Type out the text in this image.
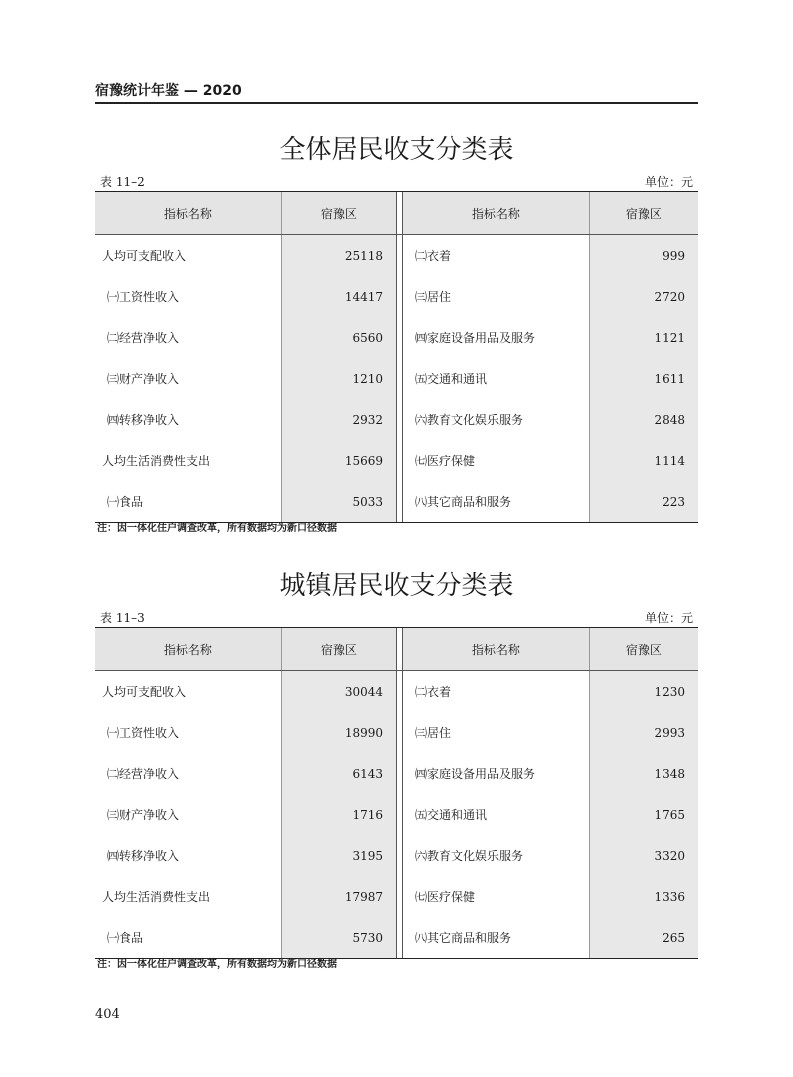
宿豫统计年鉴 — 2020
全体居民收支分类表
表 11–2	单位：元
指标名称	宿豫区	指标名称	宿豫区
人均可支配收入	25118	㈡衣着	999
㈠工资性收入	14417	㈢居住	2720
㈡经营净收入	6560	㈣家庭设备用品及服务	1121
㈢财产净收入	1210	㈤交通和通讯	1611
㈣转移净收入	2932	㈥教育文化娱乐服务	2848
人均生活消费性支出	15669	㈦医疗保健	1114
㈠食品	5033	㈧其它商品和服务	223
注：因一体化住户调查改革，所有数据均为新口径数据
城镇居民收支分类表
表 11–3	单位：元
指标名称	宿豫区	指标名称	宿豫区
人均可支配收入	30044	㈡衣着	1230
㈠工资性收入	18990	㈢居住	2993
㈡经营净收入	6143	㈣家庭设备用品及服务	1348
㈢财产净收入	1716	㈤交通和通讯	1765
㈣转移净收入	3195	㈥教育文化娱乐服务	3320
人均生活消费性支出	17987	㈦医疗保健	1336
㈠食品	5730	㈧其它商品和服务	265
注：因一体化住户调查改革，所有数据均为新口径数据
404
